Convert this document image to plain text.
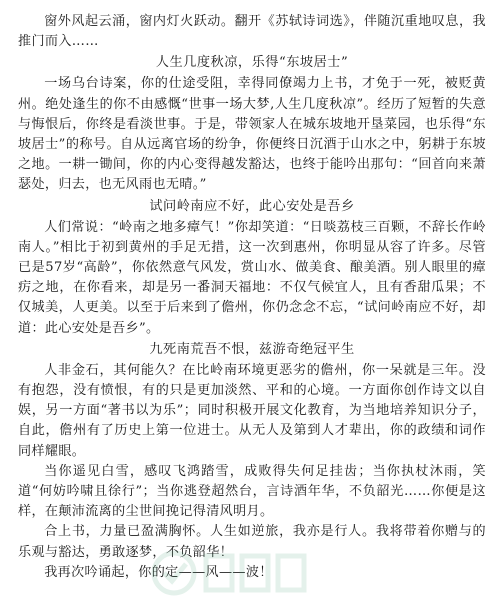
窗外风起云涌，窗内灯火跃动。翻开《苏轼诗词选》，伴随沉重地叹息，我推门而入……

人生几度秋凉，乐得“东坡居士”

一场乌台诗案，你的仕途受阻，幸得同僚竭力上书，才免于一死，被贬黄州。绝处逢生的你不由感慨“世事一场大梦,人生几度秋凉”。经历了短暂的失意与悔恨后，你终是看淡世事。于是，带领家人在城东坡地开垦菜园，也乐得“东坡居士”的称号。自从远离官场的纷争，你便终日沉酒于山水之中，躬耕于东坡之地。一耕一锄间，你的内心变得越发豁达，也终于能吟出那句：“回首向来萧瑟处，归去，也无风雨也无晴。”

试问岭南应不好，此心安处是吾乡

人们常说：“岭南之地多瘴气！”你却笑道：“日啖荔枝三百颗，不辞长作岭南人。”相比于初到黄州的手足无措，这一次到惠州，你明显从容了许多。尽管已是57岁“高龄”，你依然意气风发，赏山水、做美食、酿美酒。别人眼里的瘴疠之地，在你看来，却是另一番洞天福地：不仅气候宜人，且有香甜瓜果；不仅城美，人更美。以至于后来到了儋州，你仍念念不忘，“试问岭南应不好，却道：此心安处是吾乡”。

九死南荒吾不恨，兹游奇绝冠平生

人非金石，其何能久？在比岭南环境更恶劣的儋州，你一呆就是三年。没有抱怨，没有愤恨，有的只是更加淡然、平和的心境。一方面你创作诗文以自娱，另一方面“著书以为乐”；同时积极开展文化教育，为当地培养知识分子，自此，儋州有了历史上第一位进士。从无人及第到人才辈出，你的政绩和词作同样耀眼。

当你遥见白雪，感叹飞鸿踏雪，成败得失何足挂齿；当你执杖沐雨，笑道“何妨吟啸且徐行”；当你逃登超然台，言诗酒年华，不负韶光……你便是这样，在颠沛流离的尘世间挽记得清风明月。

合上书，力量已盈满胸怀。人生如逆旅，我亦是行人。我将带着你赠与的乐观与豁达，勇敢逐梦，不负韶华！

我再次吟诵起，你的定——风——波！
